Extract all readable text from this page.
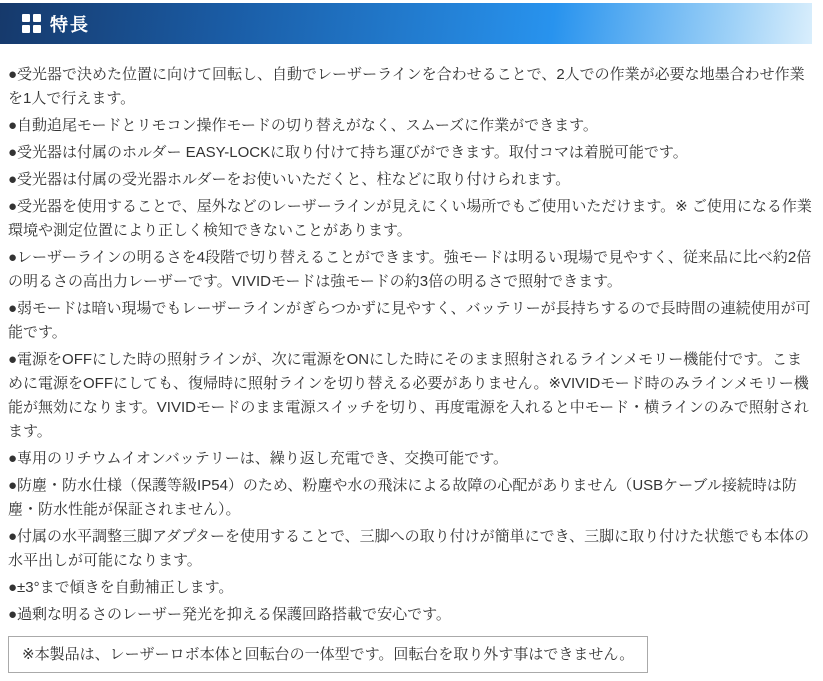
特長

●受光器で決めた位置に向けて回転し、自動でレーザーラインを合わせることで、2人での作業が必要な地墨合わせ作業を1人で行えます。

●自動追尾モードとリモコン操作モードの切り替えがなく、スムーズに作業ができます。

●受光器は付属のホルダー EASY-LOCKに取り付けて持ち運びができます。取付コマは着脱可能です。

●受光器は付属の受光器ホルダーをお使いいただくと、柱などに取り付けられます。

●受光器を使用することで、屋外などのレーザーラインが見えにくい場所でもご使用いただけます。※ ご使用になる作業環境や測定位置により正しく検知できないことがあります。

●レーザーラインの明るさを4段階で切り替えることができます。強モードは明るい現場で見やすく、従来品に比べ約2倍の明るさの高出力レーザーです。VIVIDモードは強モードの約3倍の明るさで照射できます。

●弱モードは暗い現場でもレーザーラインがぎらつかずに見やすく、バッテリーが長持ちするので長時間の連続使用が可能です。

●電源をOFFにした時の照射ラインが、次に電源をONにした時にそのまま照射されるラインメモリー機能付です。こまめに電源をOFFにしても、復帰時に照射ラインを切り替える必要がありません。※VIVIDモード時のみラインメモリー機能が無効になります。VIVIDモードのまま電源スイッチを切り、再度電源を入れると中モード・横ラインのみで照射されます。

●専用のリチウムイオンバッテリーは、繰り返し充電でき、交換可能です。

●防塵・防水仕様（保護等級IP54）のため、粉塵や水の飛沫による故障の心配がありません（USBケーブル接続時は防塵・防水性能が保証されません）。

●付属の水平調整三脚アダプターを使用することで、三脚への取り付けが簡単にでき、三脚に取り付けた状態でも本体の水平出しが可能になります。

●±3°まで傾きを自動補正します。

●過剰な明るさのレーザー発光を抑える保護回路搭載で安心です。

※本製品は、レーザーロボ本体と回転台の一体型です。回転台を取り外す事はできません。
